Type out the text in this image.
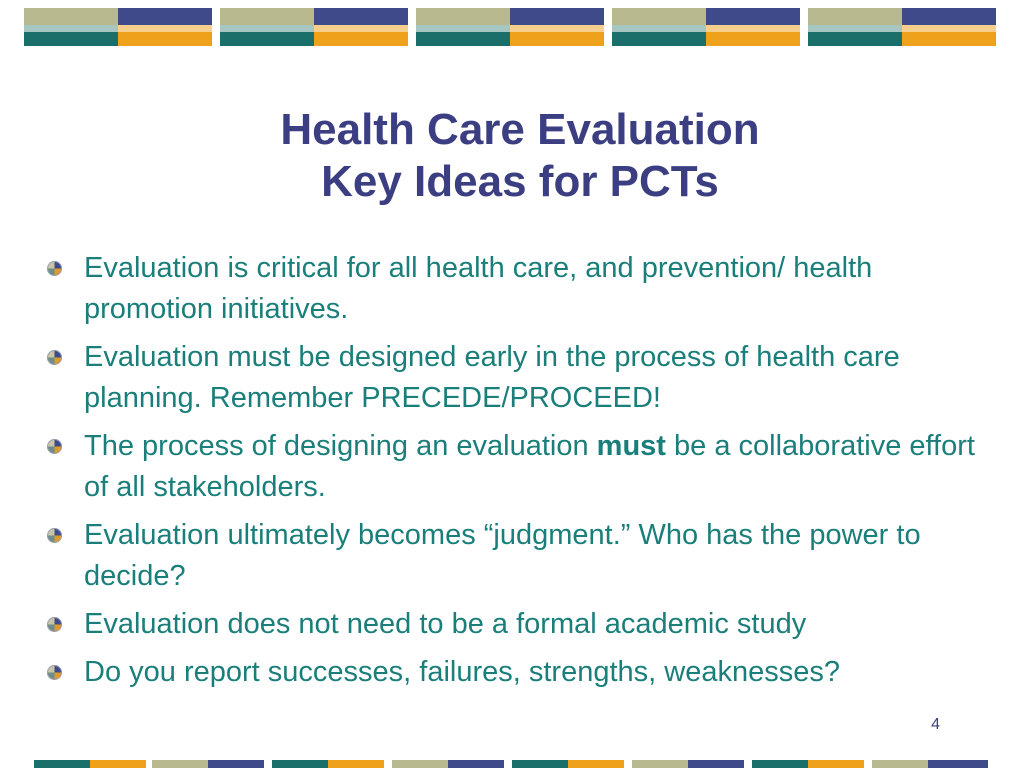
Health Care Evaluation
Key Ideas for PCTs
Evaluation is critical for all health care, and prevention/ health promotion initiatives.
Evaluation must be designed early in the process of health care planning. Remember PRECEDE/PROCEED!
The process of designing an evaluation must be a collaborative effort of all stakeholders.
Evaluation ultimately becomes “judgment.” Who has the power to decide?
Evaluation does not need to be a formal academic study
Do you report successes, failures, strengths, weaknesses?
4
